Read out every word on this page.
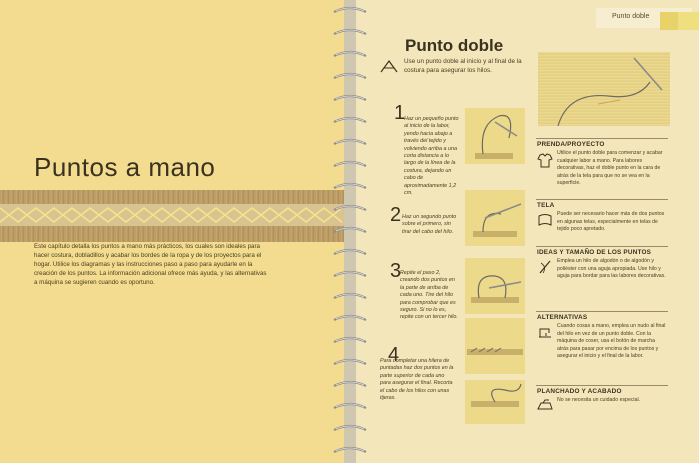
Puntos a mano

Este capítulo detalla los puntos a mano más prácticos, los cuales son ideales para hacer costura, dobladillos y acabar los bordes de la ropa y de los proyectos para el hogar. Utilice los diagramas y las instrucciones paso a paso para ayudarle en la creación de los puntos. La información adicional ofrece más ayuda, y las alternativas a máquina se sugieren cuando es oportuno.

Punto doble
Punto doble

Use un punto doble al inicio y al final de la costura para asegurar los hilos.

1

Haz un pequeño punto al inicio de la labor, yendo hacia abajo a través del tejido y volviendo arriba a una corta distancia a lo largo de la línea de la costura, dejando un cabo de aproximadamente 1,2 cm.

2 Haz un segundo punto sobre el primero, sin tirar del cabo del hilo.

3

Repite el paso 2, creando dos puntos en la parte de arriba de cada uno. Tire del hilo para comprobar que es seguro. Si no lo es, repite con un tercer hilo.

4

Para completar una hilera de puntadas haz dos puntos en la parte superior de cada uno para asegurar el final. Recorta el cabo de los hilos con unas tijeras.

PRENDA/PROYECTO

Utilice el punto doble para comenzar y acabar cualquier labor a mano. Para labores decorativas, haz el doble punto en la cara de atrás de la tela para que no se vea en la superficie.

TELA

Puede ser necesario hacer más de dos puntos en algunas telas, especialmente en telas de tejido poco apretado.

IDEAS Y TAMAÑO DE LOS PUNTOS

Emplea un hilo de algodón o de algodón y poliéster con una aguja apropiada. Use hilo y aguja para bordar para las labores decorativas.

ALTERNATIVAS

Cuando cosas a mano, emplea un nudo al final del hilo en vez de un punto doble. Con la máquina de coser, usa el botón de marcha atrás para pasar por encima de los puntos y asegurar el inicio y el final de la labor.

PLANCHADO Y ACABADO

No se necesita un cuidado especial.
